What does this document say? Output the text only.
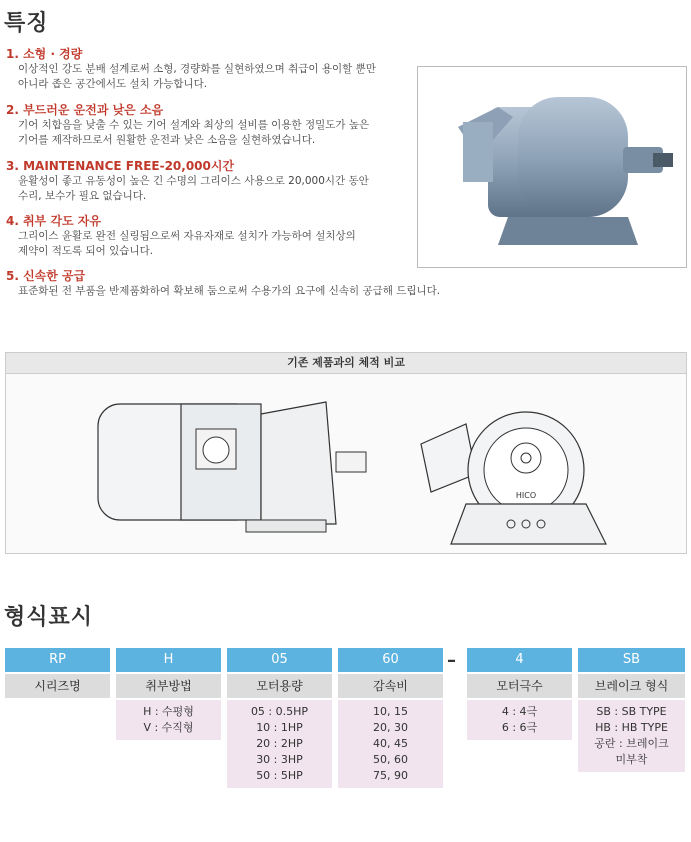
특징
1. 소형 · 경량
이상적인 강도 분배 설계로써 소형, 경량화를 실현하였으며 취급이 용이할 뿐만
아니라 좁은 공간에서도 설치 가능합니다.
2. 부드러운 운전과 낮은 소음
기어 치합음을 낮출 수 있는 기어 설계와 최상의 설비를 이용한 정밀도가 높은
기어를 제작하므로서 원활한 운전과 낮은 소음을 실현하였습니다.
3. MAINTENANCE FREE-20,000시간
윤활성이 좋고 유동성이 높은 긴 수명의 그리이스 사용으로 20,000시간 동안
수리, 보수가 필요 없습니다.
4. 취부 각도 자유
그리이스 윤활로 완전 실링됨으로써 자유자재로 설치가 가능하여 설치상의
제약이 적도록 되어 있습니다.
5. 신속한 공급
표준화된 전 부품을 반제품화하여 확보해 둠으로써 수용가의 요구에 신속히 공급해 드립니다.
기존 제품과의 체적 비교
HICO
형식표시
RP
시리즈명
H
취부방법
H : 수평형
V : 수직형
05
모터용량
05 : 0.5HP
10 : 1HP
20 : 2HP
30 : 3HP
50 : 5HP
60
감속비
10, 15
20, 30
40, 45
50, 60
75, 90
–	4
모터극수
4 : 4극
6 : 6극
SB
브레이크 형식
SB : SB TYPE
HB : HB TYPE
공란 : 브레이크
미부착
